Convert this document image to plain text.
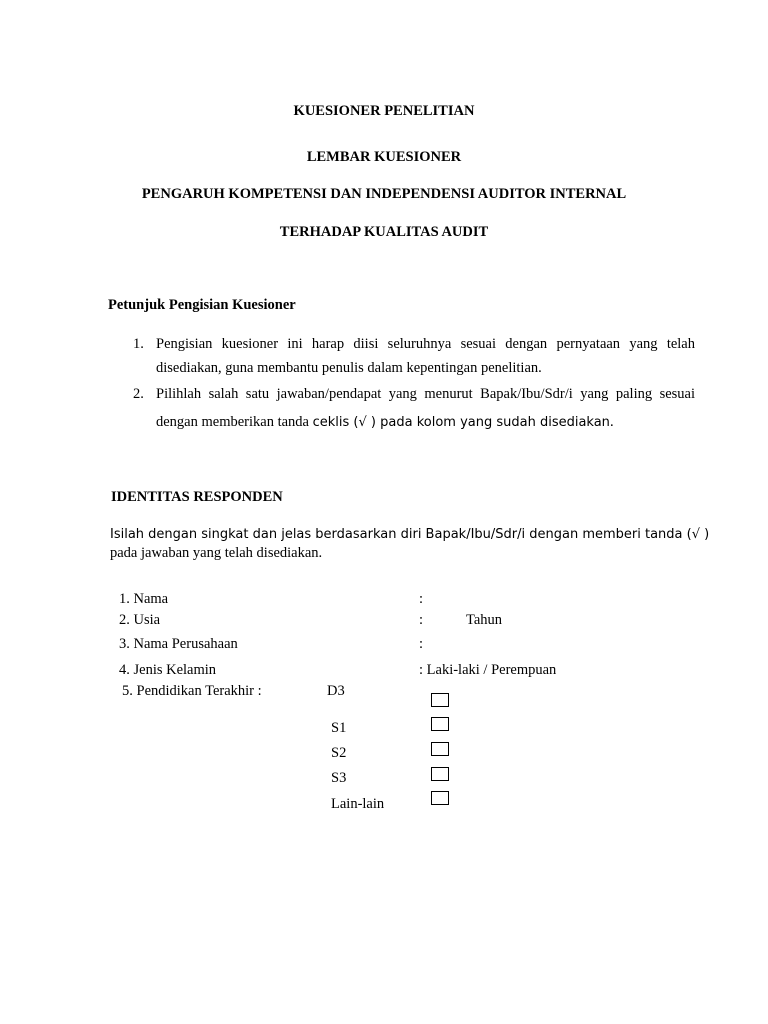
KUESIONER PENELITIAN
LEMBAR KUESIONER
PENGARUH KOMPETENSI DAN INDEPENDENSI AUDITOR INTERNAL
TERHADAP KUALITAS AUDIT
Petunjuk Pengisian Kuesioner
1. Pengisian kuesioner ini harap diisi seluruhnya sesuai dengan pernyataan yang telah
disediakan, guna membantu penulis dalam kepentingan penelitian.
2. Pilihlah salah satu jawaban/pendapat yang menurut Bapak/Ibu/Sdr/i yang paling sesuai
dengan memberikan tanda ceklis (√ ) pada kolom yang sudah disediakan.
IDENTITAS RESPONDEN
Isilah dengan singkat dan jelas berdasarkan diri Bapak/Ibu/Sdr/i dengan memberi tanda (√ )
pada jawaban yang telah disediakan.
1. Nama	:
2. Usia	:	Tahun
3. Nama Perusahaan	:
4. Jenis Kelamin	: Laki-laki / Perempuan
5. Pendidikan Terakhir :	D3
S1
S2
S3
Lain-lain
